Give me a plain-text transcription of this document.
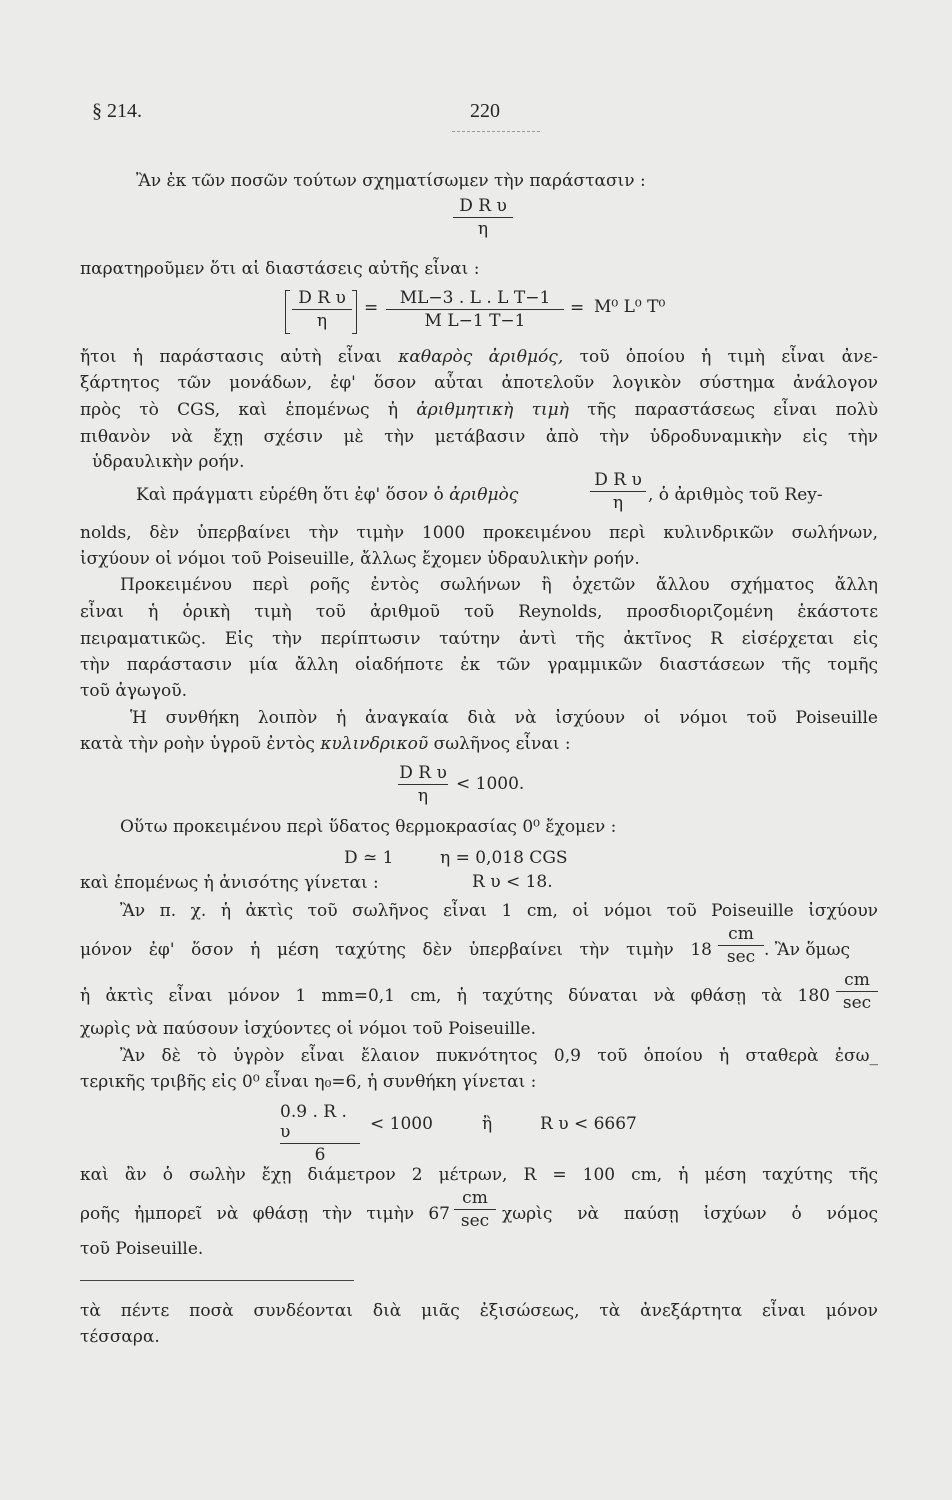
§ 214.	220
Ἂν ἐκ τῶν ποσῶν τούτων σχηματίσωμεν τὴν παράστασιν :
D R υ
η
παρατηροῦμεν ὅτι αἱ διαστάσεις αὐτῆς εἶναι :
D R υ
η
= ML−3 . L . L T−1
M L−1 T−1
= M⁰ L⁰ T⁰
ἤτοι ἡ παράστασις αὐτὴ εἶναι καθαρὸς ἀριθμός, τοῦ ὁποίου ἡ τιμὴ εἶναι ἀνε-
ξάρτητος τῶν μονάδων, ἐφ' ὅσον αὗται ἀποτελοῦν λογικὸν σύστημα ἀνάλογον
πρὸς τὸ CGS, καὶ ἑπομένως ἡ ἀριθμητικὴ τιμὴ τῆς παραστάσεως εἶναι πολὺ
πιθανὸν νὰ ἔχῃ σχέσιν μὲ τὴν μετάβασιν ἀπὸ τὴν ὑδροδυναμικὴν εἰς τὴν
ὑδραυλικὴν ροήν.
Καὶ πράγματι εὑρέθη ὅτι ἐφ' ὅσον ὁ ἀριθμὸς
D R υ
η , ὁ ἀριθμὸς τοῦ Rey-
nolds, δὲν ὑπερβαίνει τὴν τιμὴν 1000 προκειμένου περὶ κυλινδρικῶν σωλήνων,
ἰσχύουν οἱ νόμοι τοῦ Poiseuille, ἄλλως ἔχομεν ὑδραυλικὴν ροήν.
Προκειμένου περὶ ροῆς ἐντὸς σωλήνων ἢ ὀχετῶν ἄλλου σχήματος ἄλλη
εἶναι ἡ ὁρικὴ τιμὴ τοῦ ἀριθμοῦ τοῦ Reynolds, προσδιοριζομένη ἑκάστοτε
πειραματικῶς. Εἰς τὴν περίπτωσιν ταύτην ἀντὶ τῆς ἀκτῖνος R εἰσέρχεται εἰς
τὴν παράστασιν μία ἄλλη οἱαδήποτε ἐκ τῶν γραμμικῶν διαστάσεων τῆς τομῆς
τοῦ ἀγωγοῦ.
Ἡ συνθήκη λοιπὸν ἡ ἀναγκαία διὰ νὰ ἰσχύουν οἱ νόμοι τοῦ Poiseuille
κατὰ τὴν ροὴν ὑγροῦ ἐντὸς κυλινδρικοῦ σωλῆνος εἶναι :
D R υ
η
< 1000.
Οὕτω προκειμένου περὶ ὕδατος θερμοκρασίας 0⁰ ἔχομεν :
D ≃ 1	η = 0,018 CGS
καὶ ἑπομένως ἡ ἀνισότης γίνεται :	R υ < 18.
Ἂν π. χ. ἡ ἀκτὶς τοῦ σωλῆνος εἶναι 1 cm, οἱ νόμοι τοῦ Poiseuille ἰσχύουν
μόνον ἐφ' ὅσον ἡ μέση ταχύτης δὲν ὑπερβαίνει τὴν τιμὴν 18
cm
sec . Ἂν ὅμως
ἡ ἀκτὶς εἶναι μόνον 1 mm=0,1 cm, ἡ ταχύτης δύναται νὰ φθάσῃ τὰ 180
cm
sec
χωρὶς νὰ παύσουν ἰσχύοντες οἱ νόμοι τοῦ Poiseuille.
Ἂν δὲ τὸ ὑγρὸν εἶναι ἔλαιον πυκνότητος 0,9 τοῦ ὁποίου ἡ σταθερὰ ἐσω_
τερικῆς τριβῆς εἰς 0⁰ εἶναι η₀=6, ἡ συνθήκη γίνεται :
0.9 . R . υ
6
< 1000	ἢ	R υ < 6667
καὶ ἂν ὁ σωλὴν ἔχῃ διάμετρον 2 μέτρων, R = 100 cm, ἡ μέση ταχύτης τῆς
ροῆς ἠμπορεῖ νὰ φθάσῃ τὴν τιμὴν 67
cm
sec χωρὶς νὰ παύσῃ ἰσχύων ὁ νόμος
τοῦ Poiseuille.
τὰ πέντε ποσὰ συνδέονται διὰ μιᾶς ἐξισώσεως, τὰ ἀνεξάρτητα εἶναι μόνον
τέσσαρα.
